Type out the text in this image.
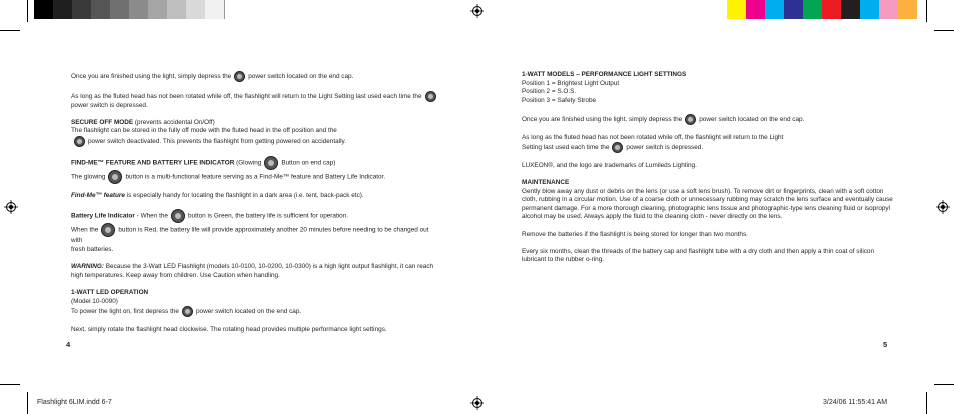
Once you are finished using the light, simply depress the	power switch located on the end cap.

As long as the fluted head has not been rotated while off, the flashlight will return to the Light Setting last used each time the
power switch is depressed.

SECURE OFF MODE (prevents accidental On/Off)

The flashlight can be stored in the fully off mode with the fluted head in the off position and the
power switch deactivated. This prevents the flashlight from getting powered on accidentally.

FIND-ME™ FEATURE AND BATTERY LIFE INDICATOR (Glowing	Button on end cap)

The glowing	button is a multi-functional feature serving as a Find-Me™ feature and Battery Life Indicator.

Find-Me™ feature is especially handy for locating the flashlight in a dark area (i.e. tent, back-pack etc).

Battery Life Indicator - When the	button is Green, the battery life is sufficient for operation.
When the	button is Red, the battery life will provide approximately another 20 minutes before needing to be changed out with
fresh batteries.

WARNING: Because the 3-Watt LED Flashlight (models 10-0100, 10-0200, 10-0300) is a high light output flashlight, it can reach
high temperatures. Keep away from children. Use Caution when handling.

1-WATT LED OPERATION

(Model 10-0090)
To power the light on, first depress the	power switch located on the end cap.

Next, simply rotate the flashlight head clockwise. The rotating head provides multiple performance light settings.

4

1-WATT MODELS – PERFORMANCE LIGHT SETTINGS

Position 1 = Brightest Light Output
Position 2 = S.O.S.
Position 3 = Safety Strobe

Once you are finished using the light, simply depress the	power switch located on the end cap.

As long as the fluted head has not been rotated while off, the flashlight will return to the Light
Setting last used each time the	power switch is depressed.

LUXEON®, and the logo are trademarks of Lumileds Lighting.

MAINTENANCE

Gently blow away any dust or debris on the lens (or use a soft lens brush). To remove dirt or fingerprints, clean with a soft cotton
cloth, rubbing in a circular motion. Use of a coarse cloth or unnecessary rubbing may scratch the lens surface and eventually cause
permanent damage. For a more thorough cleaning, photographic lens tissue and photographic-type lens cleaning fluid or isopropyl
alcohol may be used. Always apply the fluid to the cleaning cloth - never directly on the lens.

Remove the batteries if the flashlight is being stored for longer than two months.

Every six months, clean the threads of the battery cap and flashlight tube with a dry cloth and then apply a thin coat of silicon
lubricant to the rubber o-ring.

5
Flashlight 6LIM.indd 6-7	3/24/06 11:55:41 AM
